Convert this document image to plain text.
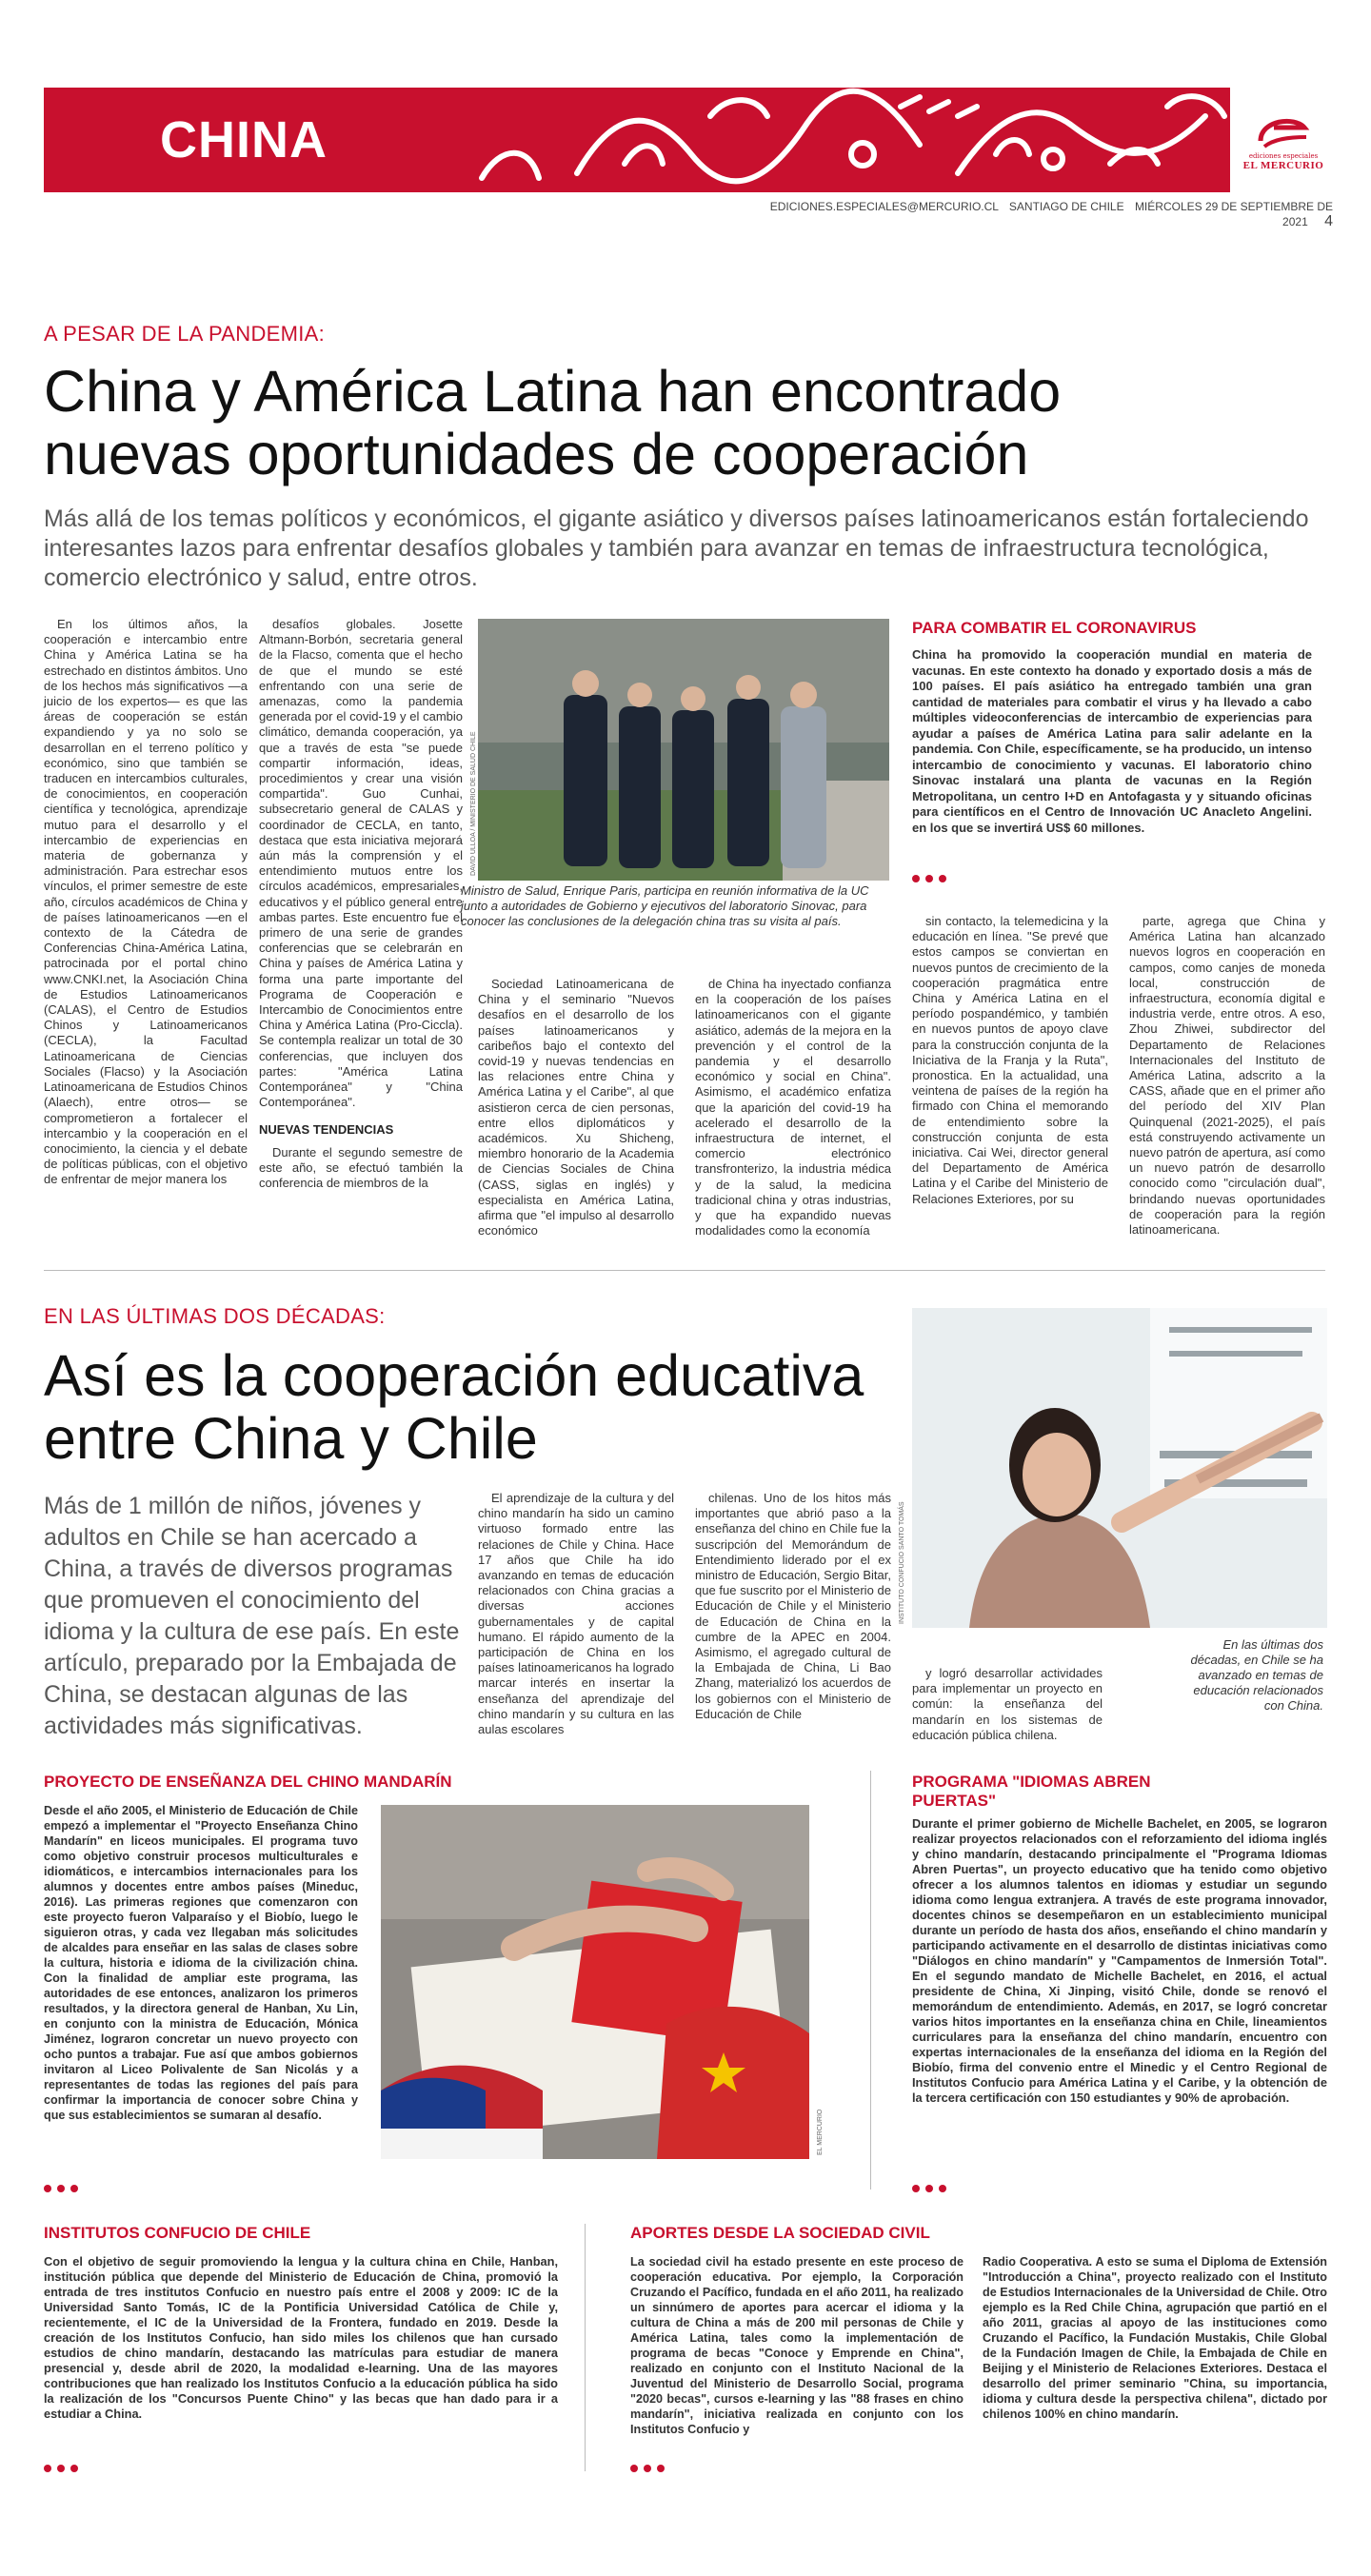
CHINA	ediciones especiales
EL MERCURIO
EDICIONES.ESPECIALES@MERCURIO.CL SANTIAGO DE CHILE MIÉRCOLES 29 DE SEPTIEMBRE DE 2021 4
A PESAR DE LA PANDEMIA:
China y América Latina han encontrado nuevas oportunidades de cooperación
Más allá de los temas políticos y económicos, el gigante asiático y diversos países latinoamericanos están fortaleciendo interesantes lazos para enfrentar desafíos globales y también para avanzar en temas de infraestructura tecnológica, comercio electrónico y salud, entre otros.

En los últimos años, la cooperación e intercambio entre China y América Latina se ha estrechado en distintos ámbitos. Uno de los hechos más significativos —a juicio de los expertos— es que las áreas de cooperación se están expandiendo y ya no solo se desarrollan en el terreno político y económico, sino que también se traducen en intercambios culturales, de conocimientos, en cooperación científica y tecnológica, aprendizaje mutuo para el desarrollo y el intercambio de experiencias en materia de gobernanza y administración. Para estrechar esos vínculos, el primer semestre de este año, círculos académicos de China y de países latinoamericanos —en el contexto de la Cátedra de Conferencias China-América Latina, patrocinada por el portal chino www.CNKI.net, la Asociación China de Estudios Latinoamericanos (CALAS), el Centro de Estudios Chinos y Latinoamericanos (CECLA), la Facultad Latinoamericana de Ciencias Sociales (Flacso) y la Asociación Latinoamericana de Estudios Chinos (Alaech), entre otros— se comprometieron a fortalecer el intercambio y la cooperación en el conocimiento, la ciencia y el debate de políticas públicas, con el objetivo de enfrentar de mejor manera los

desafíos globales. Josette Altmann-Borbón, secretaria general de la Flacso, comenta que el hecho de que el mundo se esté enfrentando con una serie de amenazas, como la pandemia generada por el covid-19 y el cambio climático, demanda cooperación, ya que a través de esta "se puede compartir información, ideas, procedimientos y crear una visión compartida". Guo Cunhai, subsecretario general de CALAS y coordinador de CECLA, en tanto, destaca que esta iniciativa mejorará aún más la comprensión y el entendimiento mutuos entre los círculos académicos, empresariales, educativos y el público general entre ambas partes. Este encuentro fue el primero de una serie de grandes conferencias que se celebrarán en China y países de América Latina y forma una parte importante del Programa de Cooperación e Intercambio de Conocimientos entre China y América Latina (Pro-Ciccla). Se contempla realizar un total de 30 conferencias, que incluyen dos partes: "América Latina Contemporánea" y "China Contemporánea".

NUEVAS TENDENCIAS

Durante el segundo semestre de este año, se efectuó también la conferencia de miembros de la

DAVID ULLOA / MINISTERIO DE SALUD CHILE
Ministro de Salud, Enrique Paris, participa en reunión informativa de la UC junto a autoridades de Gobierno y ejecutivos del laboratorio Sinovac, para conocer las conclusiones de la delegación china tras su visita al país.

Sociedad Latinoamericana de China y el seminario "Nuevos desafíos en el desarrollo de los países latinoamericanos y caribeños bajo el contexto del covid-19 y nuevas tendencias en las relaciones entre China y América Latina y el Caribe", al que asistieron cerca de cien personas, entre ellos diplomáticos y académicos. Xu Shicheng, miembro honorario de la Academia de Ciencias Sociales de China (CASS, siglas en inglés) y especialista en América Latina, afirma que "el impulso al desarrollo económico

de China ha inyectado confianza en la cooperación de los países latinoamericanos con el gigante asiático, además de la mejora en la prevención y el control de la pandemia y el desarrollo económico y social en China". Asimismo, el académico enfatiza que la aparición del covid-19 ha acelerado el desarrollo de la infraestructura de internet, el comercio electrónico transfronterizo, la industria médica y de la salud, la medicina tradicional china y otras industrias, y que ha expandido nuevas modalidades como la economía

PARA COMBATIR EL CORONAVIRUS
China ha promovido la cooperación mundial en materia de vacunas. En este contexto ha donado y exportado dosis a más de 100 países. El país asiático ha entregado también una gran cantidad de materiales para combatir el virus y ha llevado a cabo múltiples videoconferencias de intercambio de experiencias para ayudar a países de América Latina para salir adelante en la pandemia. Con Chile, específicamente, se ha producido, un intenso intercambio de conocimiento y vacunas. El laboratorio chino Sinovac instalará una planta de vacunas en la Región Metropolitana, un centro I+D en Antofagasta y y situando oficinas para científicos en el Centro de Innovación UC Anacleto Angelini. en los que se invertirá US$ 60 millones.

sin contacto, la telemedicina y la educación en línea. "Se prevé que estos campos se conviertan en nuevos puntos de crecimiento de la cooperación pragmática entre China y América Latina en el período pospandémico, y también en nuevos puntos de apoyo clave para la construcción conjunta de la Iniciativa de la Franja y la Ruta", pronostica. En la actualidad, una veintena de países de la región ha firmado con China el memorando de entendimiento sobre la construcción conjunta de esta iniciativa. Cai Wei, director general del Departamento de América Latina y el Caribe del Ministerio de Relaciones Exteriores, por su

parte, agrega que China y América Latina han alcanzado nuevos logros en cooperación en campos, como canjes de moneda local, construcción de infraestructura, economía digital e industria verde, entre otros. A eso, Zhou Zhiwei, subdirector del Departamento de Relaciones Internacionales del Instituto de América Latina, adscrito a la CASS, añade que en el primer año del período del XIV Plan Quinquenal (2021-2025), el país está construyendo activamente un nuevo patrón de apertura, así como un nuevo patrón de desarrollo conocido como "circulación dual", brindando nuevas oportunidades de cooperación para la región latinoamericana.

EN LAS ÚLTIMAS DOS DÉCADAS:
Así es la cooperación educativa entre China y Chile
Más de 1 millón de niños, jóvenes y adultos en Chile se han acercado a China, a través de diversos programas que promueven el conocimiento del idioma y la cultura de ese país. En este artículo, preparado por la Embajada de China, se destacan algunas de las actividades más significativas.

El aprendizaje de la cultura y del chino mandarín ha sido un camino virtuoso formado entre las relaciones de Chile y China. Hace 17 años que Chile ha ido avanzando en temas de educación relacionados con China gracias a diversas acciones gubernamentales y de capital humano. El rápido aumento de la participación de China en los países latinoamericanos ha logrado marcar interés en insertar la enseñanza del aprendizaje del chino mandarín y su cultura en las aulas escolares

chilenas. Uno de los hitos más importantes que abrió paso a la enseñanza del chino en Chile fue la suscripción del Memorándum de Entendimiento liderado por el ex ministro de Educación, Sergio Bitar, que fue suscrito por el Ministerio de Educación de Chile y el Ministerio de Educación de China en la cumbre de la APEC en 2004. Asimismo, el agregado cultural de la Embajada de China, Li Bao Zhang, materializó los acuerdos de los gobiernos con el Ministerio de Educación de Chile

y logró desarrollar actividades para implementar un proyecto en común: la enseñanza del mandarín en los sistemas de educación pública chilena.

INSTITUTO CONFUCIO SANTO TOMÁS
En las últimas dos décadas, en Chile se ha avanzado en temas de educación relacionados con China.
PROYECTO DE ENSEÑANZA DEL CHINO MANDARÍN
Desde el año 2005, el Ministerio de Educación de Chile empezó a implementar el "Proyecto Enseñanza Chino Mandarín" en liceos municipales. El programa tuvo como objetivo construir procesos multiculturales e idiomáticos, e intercambios internacionales para los alumnos y docentes entre ambos países (Mineduc, 2016). Las primeras regiones que comenzaron con este proyecto fueron Valparaíso y el Biobío, luego le siguieron otras, y cada vez llegaban más solicitudes de alcaldes para enseñar en las salas de clases sobre la cultura, historia e idioma de la civilización china. Con la finalidad de ampliar este programa, las autoridades de ese entonces, analizaron los primeros resultados, y la directora general de Hanban, Xu Lin, en conjunto con la ministra de Educación, Mónica Jiménez, lograron concretar un nuevo proyecto con ocho puntos a trabajar. Fue así que ambos gobiernos invitaron al Liceo Polivalente de San Nicolás y a representantes de todas las regiones del país para confirmar la importancia de conocer sobre China y que sus establecimientos se sumaran al desafío.	EL MERCURIO
PROGRAMA "IDIOMAS ABREN PUERTAS"
Durante el primer gobierno de Michelle Bachelet, en 2005, se lograron realizar proyectos relacionados con el reforzamiento del idioma inglés y chino mandarín, destacando principalmente el "Programa Idiomas Abren Puertas", un proyecto educativo que ha tenido como objetivo ofrecer a los alumnos talentos en idiomas y estudiar un segundo idioma como lengua extranjera. A través de este programa innovador, docentes chinos se desempeñaron en un establecimiento municipal durante un período de hasta dos años, enseñando el chino mandarín y participando activamente en el desarrollo de distintas iniciativas como "Diálogos en chino mandarín" y "Campamentos de Inmersión Total". En el segundo mandato de Michelle Bachelet, en 2016, el actual presidente de China, Xi Jinping, visitó Chile, donde se renovó el memorándum de entendimiento. Además, en 2017, se logró concretar varios hitos importantes en la enseñanza china en Chile, lineamientos curriculares para la enseñanza del chino mandarín, encuentro con expertas internacionales de la enseñanza del idioma en la Región del Biobío, firma del convenio entre el Minedic y el Centro Regional de Institutos Confucio para América Latina y el Caribe, y la obtención de la tercera certificación con 150 estudiantes y 90% de aprobación.
INSTITUTOS CONFUCIO DE CHILE
Con el objetivo de seguir promoviendo la lengua y la cultura china en Chile, Hanban, institución pública que depende del Ministerio de Educación de China, promovió la entrada de tres institutos Confucio en nuestro país entre el 2008 y 2009: IC de la Universidad Santo Tomás, IC de la Pontificia Universidad Católica de Chile y, recientemente, el IC de la Universidad de la Frontera, fundado en 2019. Desde la creación de los Institutos Confucio, han sido miles los chilenos que han cursado estudios de chino mandarín, destacando las matrículas para estudiar de manera presencial y, desde abril de 2020, la modalidad e-learning. Una de las mayores contribuciones que han realizado los Institutos Confucio a la educación pública ha sido la realización de los "Concursos Puente Chino" y las becas que han dado para ir a estudiar a China.
APORTES DESDE LA SOCIEDAD CIVIL
La sociedad civil ha estado presente en este proceso de cooperación educativa. Por ejemplo, la Corporación Cruzando el Pacífico, fundada en el año 2011, ha realizado un sinnúmero de aportes para acercar el idioma y la cultura de China a más de 200 mil personas de Chile y América Latina, tales como la implementación de programa de becas "Conoce y Emprende en China", realizado en conjunto con el Instituto Nacional de la Juventud del Ministerio de Desarrollo Social, programa "2020 becas", cursos e-learning y las "88 frases en chino mandarín", iniciativa realizada en conjunto con los Institutos Confucio y
Radio Cooperativa. A esto se suma el Diploma de Extensión "Introducción a China", proyecto realizado con el Instituto de Estudios Internacionales de la Universidad de Chile. Otro ejemplo es la Red Chile China, agrupación que partió en el año 2011, gracias al apoyo de las instituciones como Cruzando el Pacífico, la Fundación Mustakis, Chile Global de la Fundación Imagen de Chile, la Embajada de Chile en Beijing y el Ministerio de Relaciones Exteriores. Destaca el desarrollo del primer seminario "China, su importancia, idioma y cultura desde la perspectiva chilena", dictado por chilenos 100% en chino mandarín.
